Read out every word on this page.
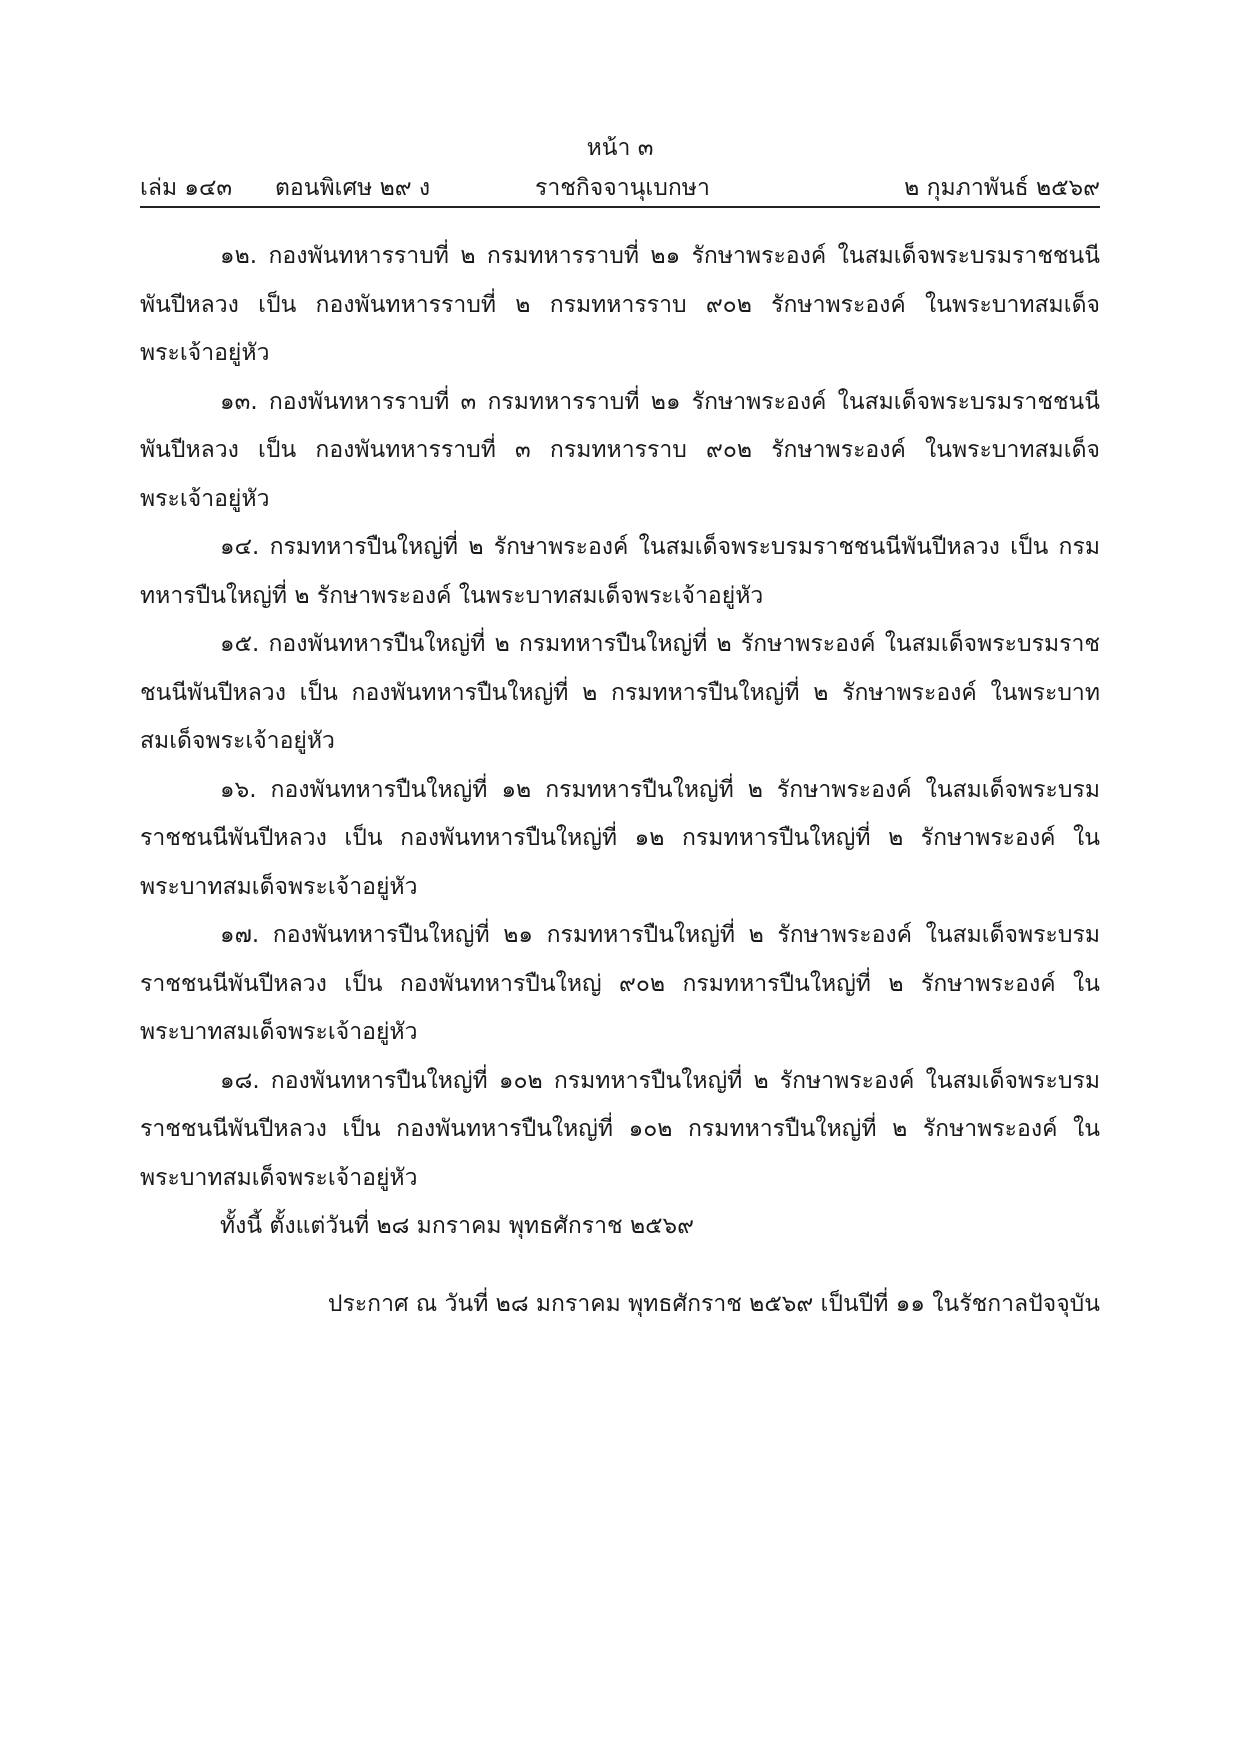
หน้า ๓
เล่ม ๑๔๓ ตอนพิเศษ ๒๙ ง	ราชกิจจานุเบกษา	๒ กุมภาพันธ์ ๒๕๖๙

๑๒. กองพันทหารราบที่ ๒ กรมทหารราบที่ ๒๑ รักษาพระองค์ ในสมเด็จพระบรมราชชนนีพันปีหลวง เป็น กองพันทหารราบที่ ๒ กรมทหารราบ ๙๐๒ รักษาพระองค์ ในพระบาทสมเด็จพระเจ้าอยู่หัว

๑๓. กองพันทหารราบที่ ๓ กรมทหารราบที่ ๒๑ รักษาพระองค์ ในสมเด็จพระบรมราชชนนีพันปีหลวง เป็น กองพันทหารราบที่ ๓ กรมทหารราบ ๙๐๒ รักษาพระองค์ ในพระบาทสมเด็จพระเจ้าอยู่หัว

๑๔. กรมทหารปืนใหญ่ที่ ๒ รักษาพระองค์ ในสมเด็จพระบรมราชชนนีพันปีหลวง เป็น กรมทหารปืนใหญ่ที่ ๒ รักษาพระองค์ ในพระบาทสมเด็จพระเจ้าอยู่หัว

๑๕. กองพันทหารปืนใหญ่ที่ ๒ กรมทหารปืนใหญ่ที่ ๒ รักษาพระองค์ ในสมเด็จพระบรมราชชนนีพันปีหลวง เป็น กองพันทหารปืนใหญ่ที่ ๒ กรมทหารปืนใหญ่ที่ ๒ รักษาพระองค์ ในพระบาทสมเด็จพระเจ้าอยู่หัว

๑๖. กองพันทหารปืนใหญ่ที่ ๑๒ กรมทหารปืนใหญ่ที่ ๒ รักษาพระองค์ ในสมเด็จพระบรมราชชนนีพันปีหลวง เป็น กองพันทหารปืนใหญ่ที่ ๑๒ กรมทหารปืนใหญ่ที่ ๒ รักษาพระองค์ ในพระบาทสมเด็จพระเจ้าอยู่หัว

๑๗. กองพันทหารปืนใหญ่ที่ ๒๑ กรมทหารปืนใหญ่ที่ ๒ รักษาพระองค์ ในสมเด็จพระบรมราชชนนีพันปีหลวง เป็น กองพันทหารปืนใหญ่ ๙๐๒ กรมทหารปืนใหญ่ที่ ๒ รักษาพระองค์ ในพระบาทสมเด็จพระเจ้าอยู่หัว

๑๘. กองพันทหารปืนใหญ่ที่ ๑๐๒ กรมทหารปืนใหญ่ที่ ๒ รักษาพระองค์ ในสมเด็จพระบรมราชชนนีพันปีหลวง เป็น กองพันทหารปืนใหญ่ที่ ๑๐๒ กรมทหารปืนใหญ่ที่ ๒ รักษาพระองค์ ในพระบาทสมเด็จพระเจ้าอยู่หัว

ทั้งนี้ ตั้งแต่วันที่ ๒๘ มกราคม พุทธศักราช ๒๕๖๙

ประกาศ ณ วันที่ ๒๘ มกราคม พุทธศักราช ๒๕๖๙ เป็นปีที่ ๑๑ ในรัชกาลปัจจุบัน
